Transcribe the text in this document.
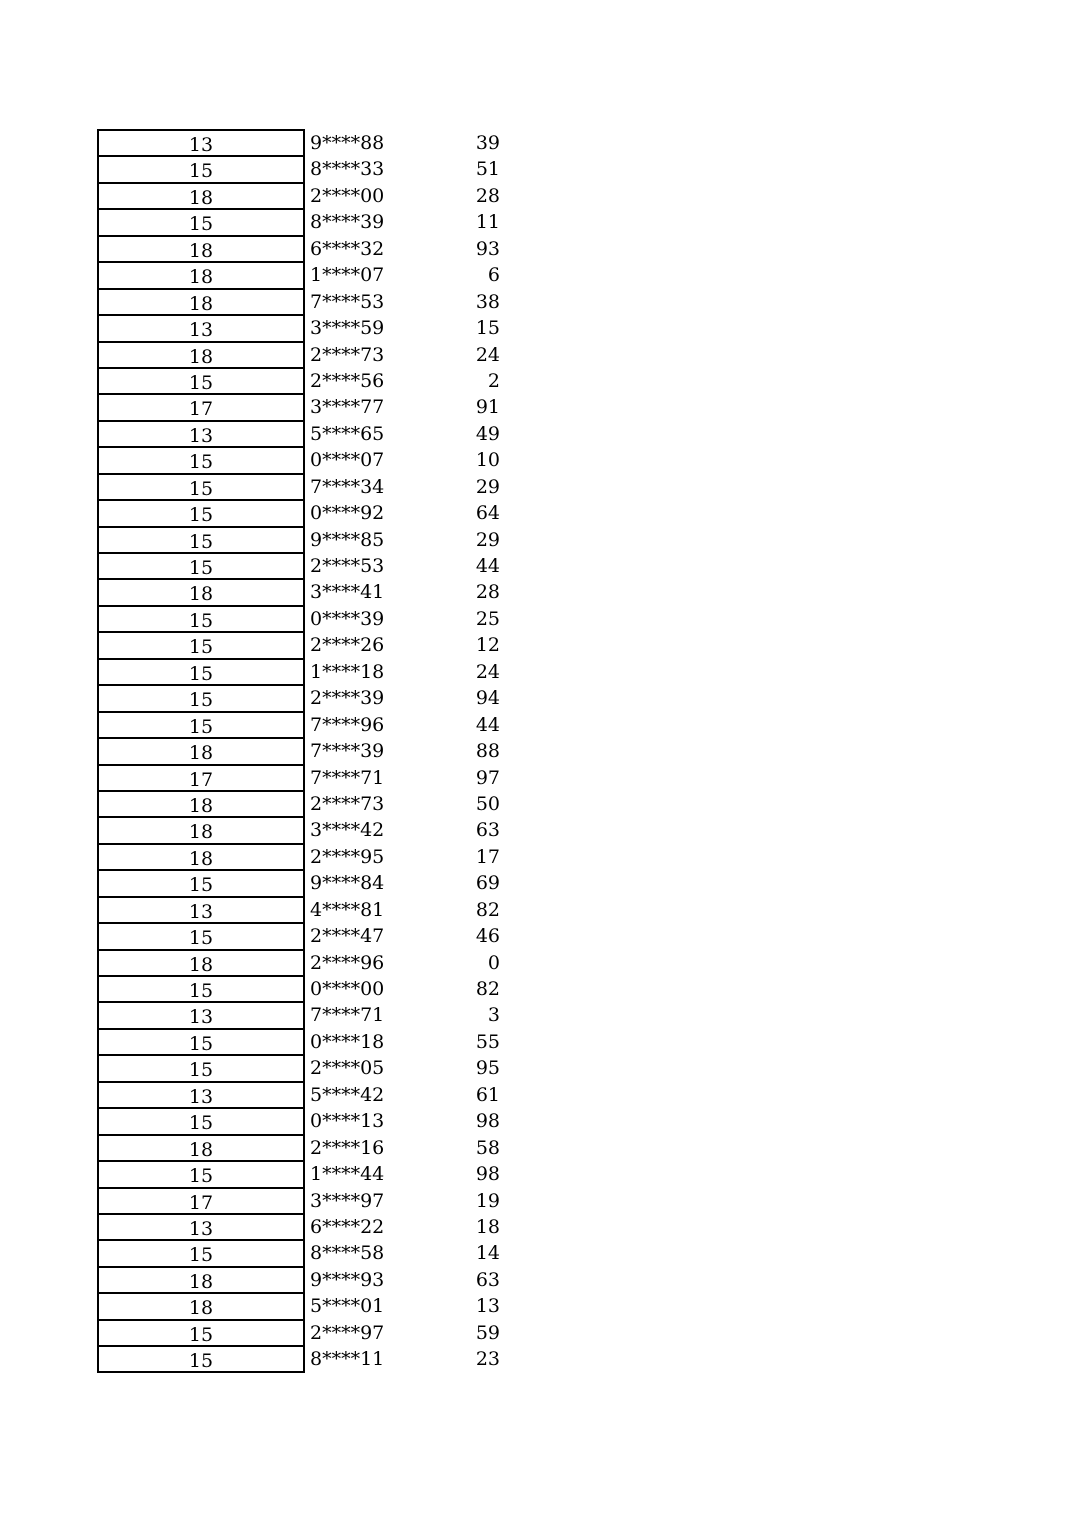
13	9****88	39
15	8****33	51
18	2****00	28
15	8****39	11
18	6****32	93
18	1****07	6
18	7****53	38
13	3****59	15
18	2****73	24
15	2****56	2
17	3****77	91
13	5****65	49
15	0****07	10
15	7****34	29
15	0****92	64
15	9****85	29
15	2****53	44
18	3****41	28
15	0****39	25
15	2****26	12
15	1****18	24
15	2****39	94
15	7****96	44
18	7****39	88
17	7****71	97
18	2****73	50
18	3****42	63
18	2****95	17
15	9****84	69
13	4****81	82
15	2****47	46
18	2****96	0
15	0****00	82
13	7****71	3
15	0****18	55
15	2****05	95
13	5****42	61
15	0****13	98
18	2****16	58
15	1****44	98
17	3****97	19
13	6****22	18
15	8****58	14
18	9****93	63
18	5****01	13
15	2****97	59
15	8****11	23
